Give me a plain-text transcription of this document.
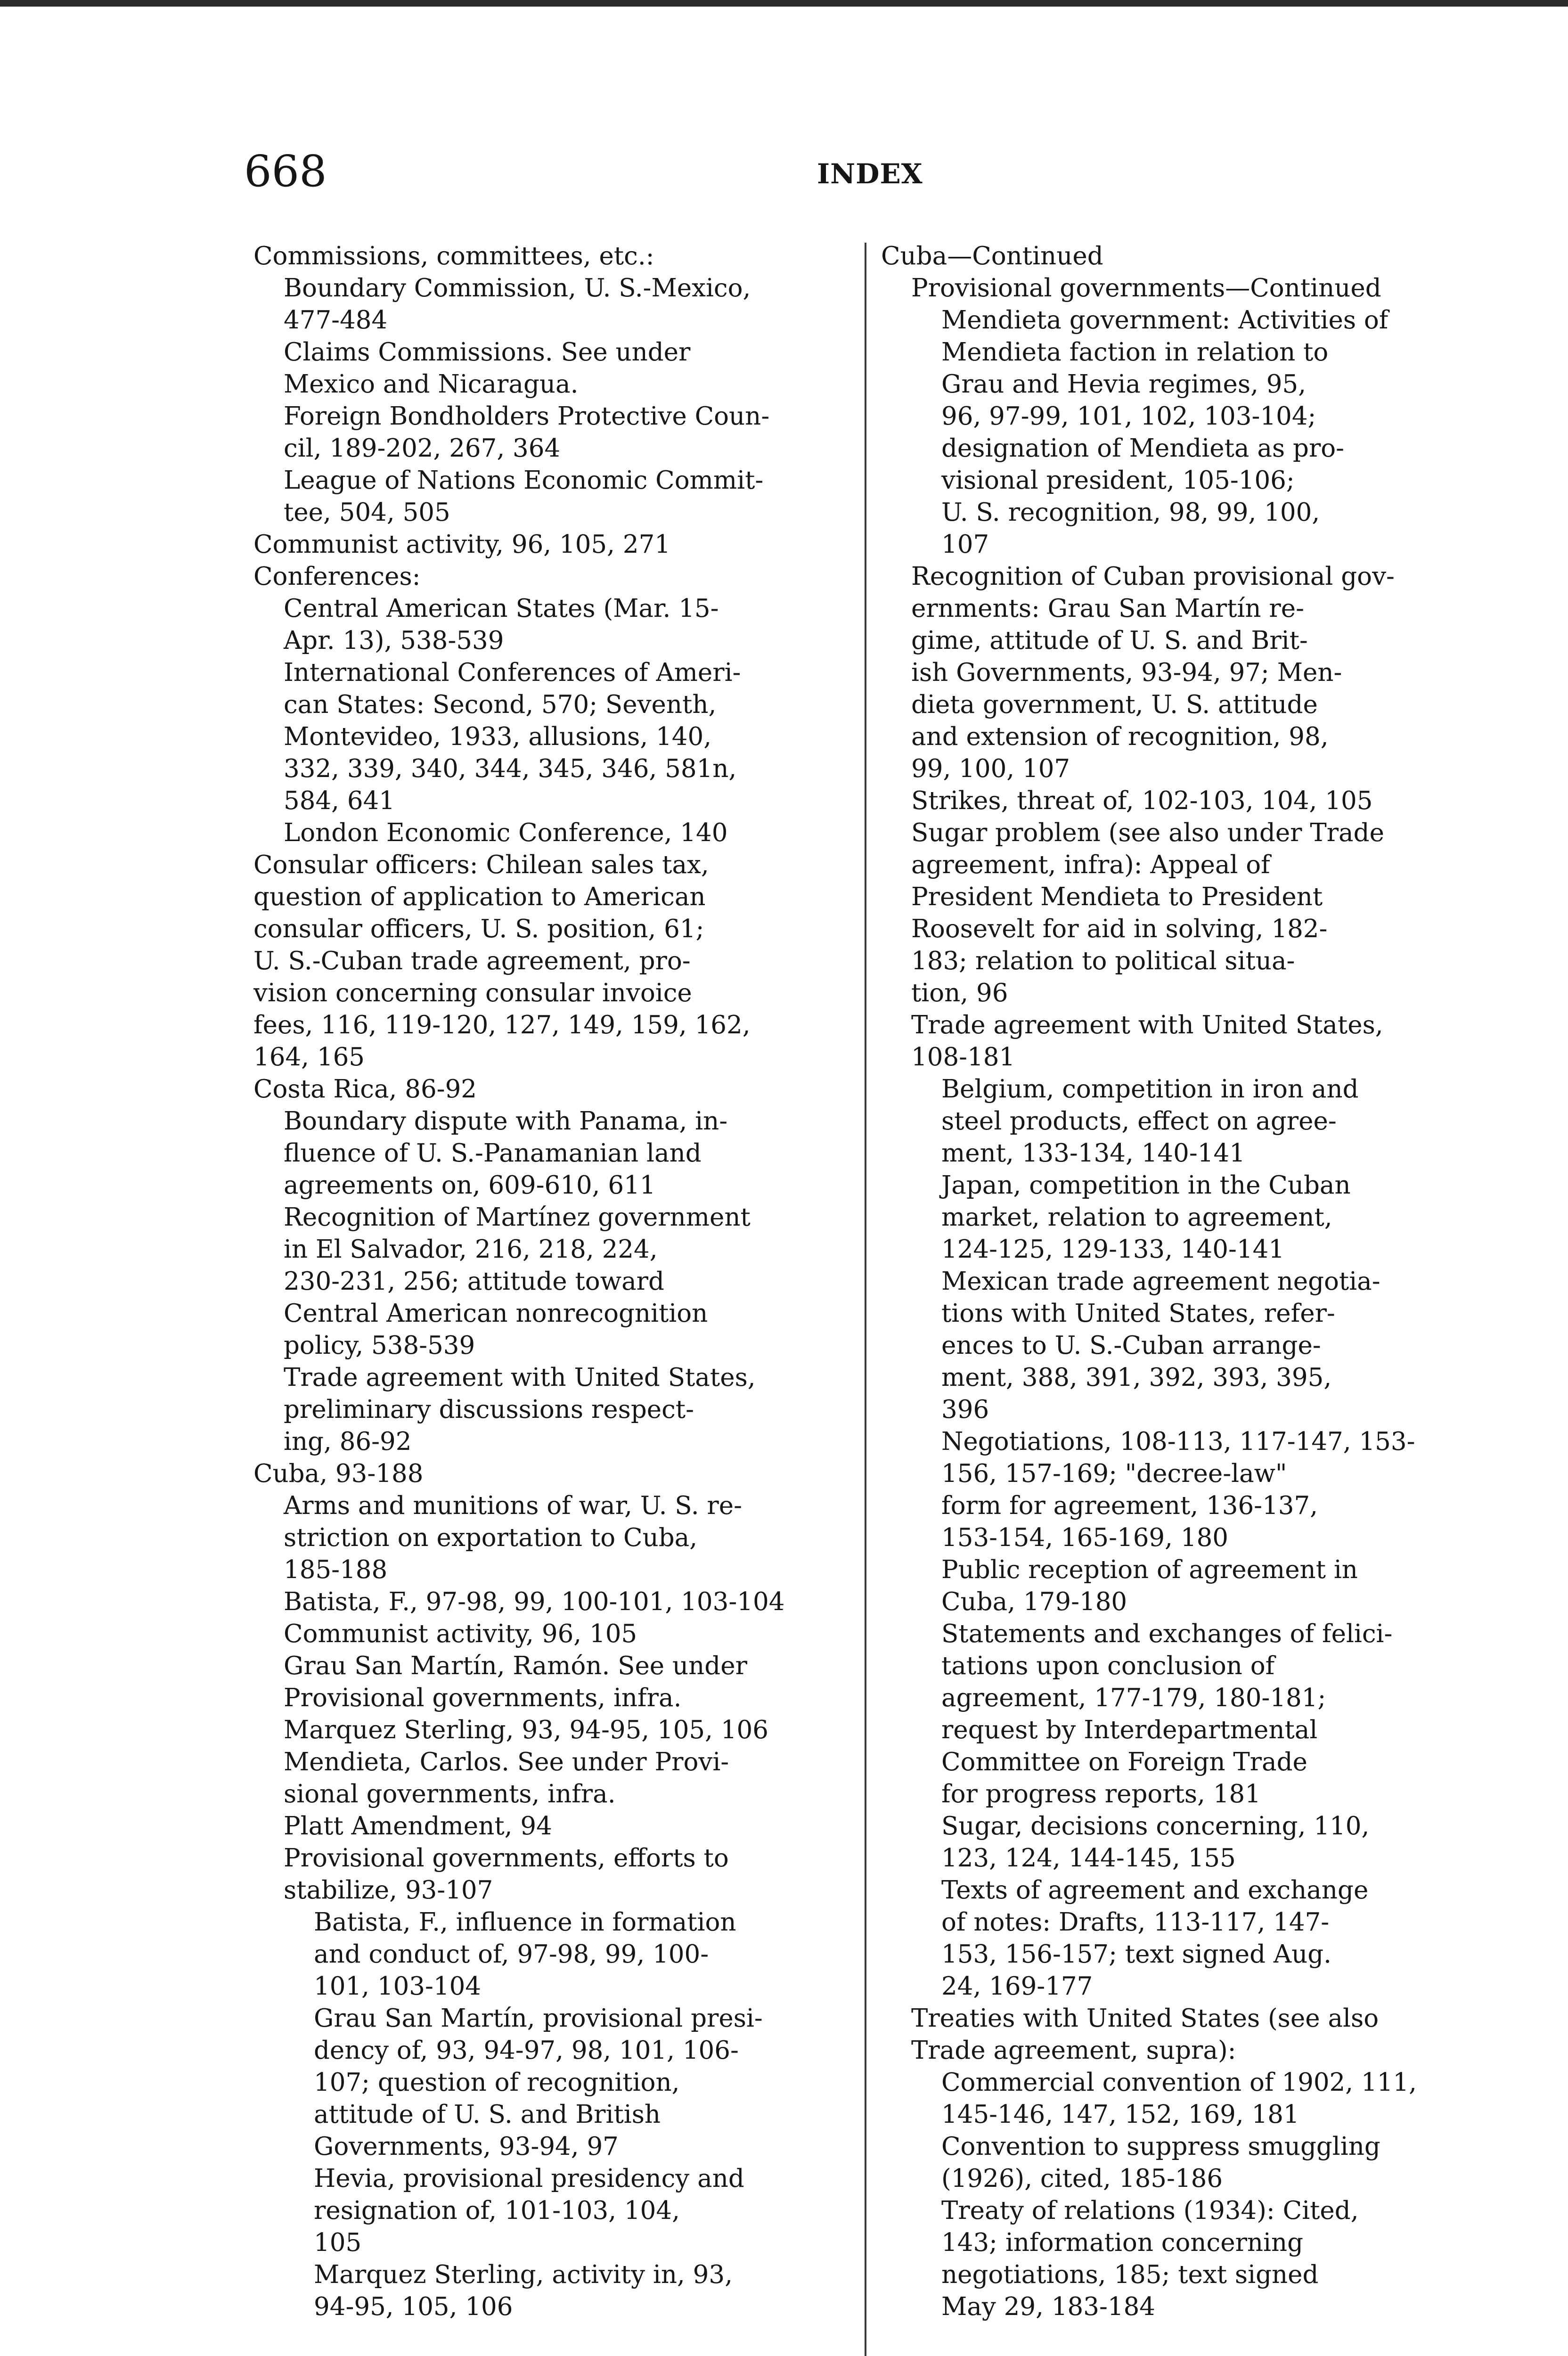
668	INDEX
Commissions, committees, etc.:
Boundary Commission, U. S.-Mexico,
477-484
Claims Commissions. See under
Mexico and Nicaragua.
Foreign Bondholders Protective Coun-
cil, 189-202, 267, 364
League of Nations Economic Commit-
tee, 504, 505
Communist activity, 96, 105, 271
Conferences:
Central American States (Mar. 15-
Apr. 13), 538-539
International Conferences of Ameri-
can States: Second, 570; Seventh,
Montevideo, 1933, allusions, 140,
332, 339, 340, 344, 345, 346, 581n,
584, 641
London Economic Conference, 140
Consular officers: Chilean sales tax,
question of application to American
consular officers, U. S. position, 61;
U. S.-Cuban trade agreement, pro-
vision concerning consular invoice
fees, 116, 119-120, 127, 149, 159, 162,
164, 165
Costa Rica, 86-92
Boundary dispute with Panama, in-
fluence of U. S.-Panamanian land
agreements on, 609-610, 611
Recognition of Martínez government
in El Salvador, 216, 218, 224,
230-231, 256; attitude toward
Central American nonrecognition
policy, 538-539
Trade agreement with United States,
preliminary discussions respect-
ing, 86-92
Cuba, 93-188
Arms and munitions of war, U. S. re-
striction on exportation to Cuba,
185-188
Batista, F., 97-98, 99, 100-101, 103-104
Communist activity, 96, 105
Grau San Martín, Ramón. See under
Provisional governments, infra.
Marquez Sterling, 93, 94-95, 105, 106
Mendieta, Carlos. See under Provi-
sional governments, infra.
Platt Amendment, 94
Provisional governments, efforts to
stabilize, 93-107
Batista, F., influence in formation
and conduct of, 97-98, 99, 100-
101, 103-104
Grau San Martín, provisional presi-
dency of, 93, 94-97, 98, 101, 106-
107; question of recognition,
attitude of U. S. and British
Governments, 93-94, 97
Hevia, provisional presidency and
resignation of, 101-103, 104,
105
Marquez Sterling, activity in, 93,
94-95, 105, 106
Cuba—Continued
Provisional governments—Continued
Mendieta government: Activities of
Mendieta faction in relation to
Grau and Hevia regimes, 95,
96, 97-99, 101, 102, 103-104;
designation of Mendieta as pro-
visional president, 105-106;
U. S. recognition, 98, 99, 100,
107
Recognition of Cuban provisional gov-
ernments: Grau San Martín re-
gime, attitude of U. S. and Brit-
ish Governments, 93-94, 97; Men-
dieta government, U. S. attitude
and extension of recognition, 98,
99, 100, 107
Strikes, threat of, 102-103, 104, 105
Sugar problem (see also under Trade
agreement, infra): Appeal of
President Mendieta to President
Roosevelt for aid in solving, 182-
183; relation to political situa-
tion, 96
Trade agreement with United States,
108-181
Belgium, competition in iron and
steel products, effect on agree-
ment, 133-134, 140-141
Japan, competition in the Cuban
market, relation to agreement,
124-125, 129-133, 140-141
Mexican trade agreement negotia-
tions with United States, refer-
ences to U. S.-Cuban arrange-
ment, 388, 391, 392, 393, 395,
396
Negotiations, 108-113, 117-147, 153-
156, 157-169; "decree-law"
form for agreement, 136-137,
153-154, 165-169, 180
Public reception of agreement in
Cuba, 179-180
Statements and exchanges of felici-
tations upon conclusion of
agreement, 177-179, 180-181;
request by Interdepartmental
Committee on Foreign Trade
for progress reports, 181
Sugar, decisions concerning, 110,
123, 124, 144-145, 155
Texts of agreement and exchange
of notes: Drafts, 113-117, 147-
153, 156-157; text signed Aug.
24, 169-177
Treaties with United States (see also
Trade agreement, supra):
Commercial convention of 1902, 111,
145-146, 147, 152, 169, 181
Convention to suppress smuggling
(1926), cited, 185-186
Treaty of relations (1934): Cited,
143; information concerning
negotiations, 185; text signed
May 29, 183-184
